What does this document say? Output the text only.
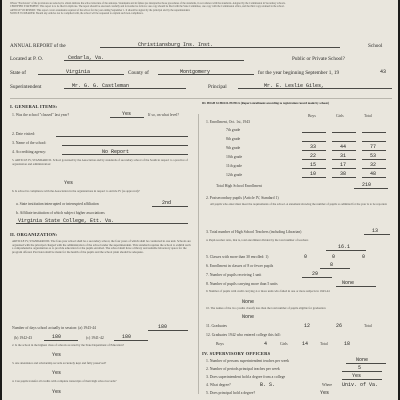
Where "Provisions" of the provisions are selected to obtain indicate the school structure of the annotate. Statements and in failure pre interpretive those procedures of the standards, in accordance with the standards. Adopted by the Commission in Secondary schools.
CERTIFIED STATEMENT. This report is to be filed in triplicate. The report should be executed carefully and forwarded as follows: one copy should be filed with the State Committee, one copy with the Commission office, and the third copy retained in the school.
ARTICLE VII REPORT. This report covers statements required of the school for the year ending September 1. It should be signed by the principal and by the superintendent.
NOTICE TO READER. Should any Articles not be complied with, the school will be requested to explain such non-compliance.
ANNUAL REPORT of the	Christiansburg Ins. Inst.	School
Located at P. O.	Cedarla, Va.	Public or Private School?
State of	Virginia	County of	Montgomery	for the year beginning September 1, 19	43
Superintendent	Mr. G. G. Castleman	Principal	Mr. E. Leslie Giles,
I. GENERAL ITEMS:
1. Was the school "classed" last year?	Yes	If so, on what level?
2. Date visited:
3. Name of the school:
4. Accrediting agency:	No Report
5. ARTICLE IV, STANDARD II. School governed by the Association and by standards of secondary school of the South in respect to a practice of organization and administration:
Yes
6. Is school in compliance with the Association in the organizations in respect to Article IV (as approved)?
a. State institution interrupted or interrupted affiliation	2nd
b. Affiliate institution of which subject higher associations
Virginia State College, Ett. Va.
II. ORGANIZATION:
ARTICLE IV, STANDARD III. The four-year school shall be a secondary school, the four years of which shall be conducted in one unit. Schools are organized with the principal charged with the administration of the school under the superintendent. This standard requires the school to exhibit such a comprehensive organization as to provide education for the pupils enrolled. The school shall have a library and suitable laboratory space for the program offered. Provision shall be made for the health of the pupils and the school plant should be adequate.
Number of days school actually in session: (a) 1943-44	180
(b) 1942-43	180	(c) 1941-42	180
2. Is the school in the highest class of schools as rated by the State Department of Education?
Yes
3. Are attendance and scholarship records accurately kept and fully preserved?
Yes
4. Can pupils transfer all credits with complete transcripts of their high school records?
Yes
III. HIGH SCHOOL PUPILS (Report enrollment according to registration record made by school.)
Boys	Girls	Total
1. Enrollment, Oct. 1st, 1943
Total High School Enrollment	210
2. Postsecondary pupils (Article IV, Standard 1)
All pupils who enter must meet the requirements of the school. A statement showing the number of pupils so admitted for the year is to be reported.
3. Total number of High School Teachers (including Librarian)	13
4. Pupil-teacher ratio, that is, total enrollment divided by the total number of teachers
16.1
5. Classes with more than 30 enrolled: 1)	0	0	0
6. Enrollment in classes of 8 or fewer pupils	8
7. Number of pupils receiving 1 unit	29
8. Number of pupils carrying more than 5 units	None
9. Number of pupils with credit carrying 4 or more units who failed in one or more subjects in 1943-44
None
10. The names of the two youths classify less than the total number of pupils eligible for graduation
None
11. Graduates	12	26	Total
12. Graduates 1942 who entered college this fall:
Boys	4	Girls	14	Total	18
IV. SUPERVISORY OFFICERS
1. Number of persons superintendent teaches per week	None
2. Number of periods principal teaches per week	5
3. Does superintendent hold a degree from a college	Yes
4. What degree?	B. S.	Where Univ. of Va.
5. Does principal hold a degree?	Yes
7th grade
8th grade
9th grade	33	44	77
10th grade	22	31	53
11th grade	15	17	32
12th grade	10	38	48
